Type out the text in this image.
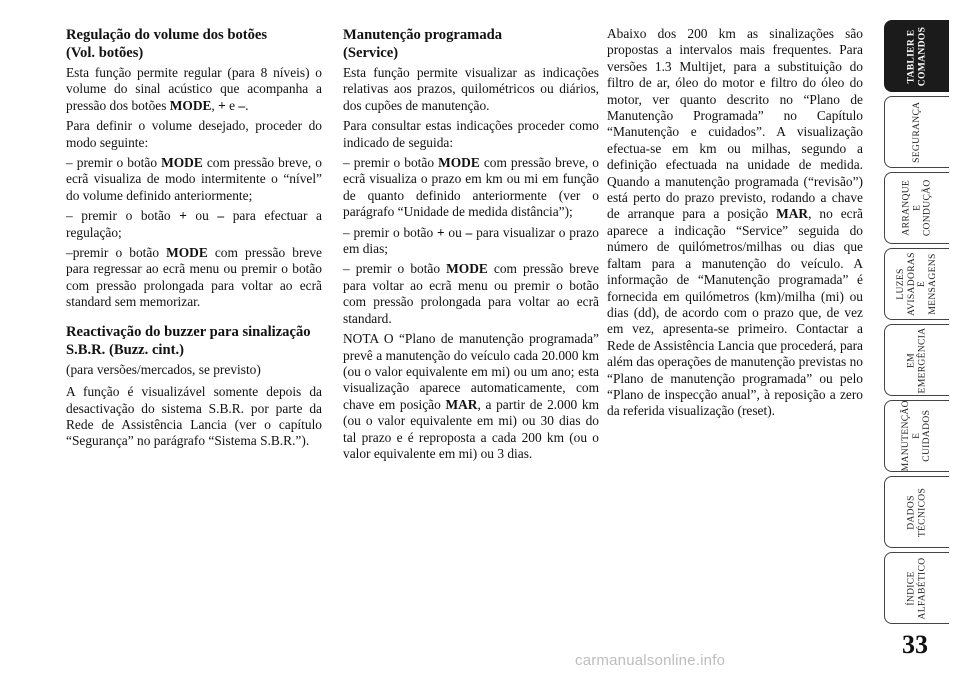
Regulação do volume dos botões
(Vol. botões)

Esta função permite regular (para 8 níveis) o volume do sinal acústico que acompanha a pressão dos botões MODE, + e –.

Para definir o volume desejado, proceder do modo seguinte:

– premir o botão MODE com pressão breve, o ecrã visualiza de modo intermitente o “nível” do volume definido anteriormente;

– premir o botão + ou – para efectuar a regulação;

–premir o botão MODE com pressão breve para regressar ao ecrã menu ou premir o botão com pressão prolongada para voltar ao ecrã standard sem memorizar.

Reactivação do buzzer para sinalização S.B.R. (Buzz. cint.)

(para versões/mercados, se previsto)

A função é visualizável somente depois da desactivação do sistema S.B.R. por parte da Rede de Assistência Lancia (ver o capítulo “Segurança” no parágrafo “Sistema S.B.R.”).

Manutenção programada
(Service)

Esta função permite visualizar as indicações relativas aos prazos, quilométricos ou diários, dos cupões de manutenção.

Para consultar estas indicações proceder como indicado de seguida:

– premir o botão MODE com pressão breve, o ecrã visualiza o prazo em km ou mi em função de quanto definido anteriormente (ver o parágrafo “Unidade de medida distância”);

– premir o botão + ou – para visualizar o prazo em dias;

– premir o botão MODE com pressão breve para voltar ao ecrã menu ou premir o botão com pressão prolongada para voltar ao ecrã standard.

NOTA O “Plano de manutenção programada” prevê a manutenção do veículo cada 20.000 km (ou o valor equivalente em mi) ou um ano; esta visualização aparece automaticamente, com chave em posição MAR, a partir de 2.000 km (ou o valor equivalente em mi) ou 30 dias do tal prazo e é reproposta a cada 200 km (ou o valor equivalente em mi) ou 3 dias.

Abaixo dos 200 km as sinalizações são propostas a intervalos mais frequentes. Para versões 1.3 Multijet, para a substituição do filtro de ar, óleo do motor e filtro do óleo do motor, ver quanto descrito no “Plano de Manutenção Programada” no Capítulo “Manutenção e cuidados”. A visualização efectua-se em km ou milhas, segundo a definição efectuada na unidade de medida. Quando a manutenção programada (“revisão”) está perto do prazo previsto, rodando a chave de arranque para a posição MAR, no ecrã aparece a indicação “Service” seguida do número de quilómetros/milhas ou dias que faltam para a manutenção do veículo. A informação de “Manutenção programada” é fornecida em quilómetros (km)/milha (mi) ou dias (dd), de acordo com o prazo que, de vez em vez, apresenta-se primeiro. Contactar a Rede de Assistência Lancia que procederá, para além das operações de manutenção previstas no “Plano de manutenção programada” ou pelo “Plano de inspecção anual”, à reposição a zero da referida visualização (reset).

TABLIER E
COMANDOS
SEGURANÇA
ARRANQUE E
CONDUÇÃO
LUZES
AVISADORAS
E MENSAGENS
EM
EMERGÊNCIA
MANUTENÇÃO E
CUIDADOS
DADOS
TÉCNICOS
ÍNDICE
ALFABÉTICO
33
carmanualsonline.info
